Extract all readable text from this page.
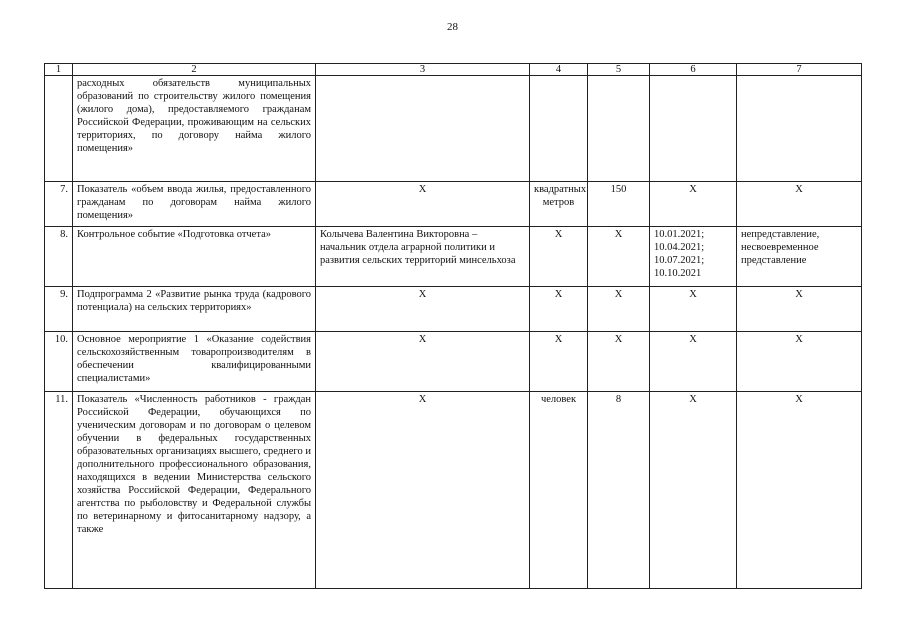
28
1	2	3	4	5	6	7
	расходных обязательств муниципальных образований по строительству жилого помещения (жилого дома), предоставляемого гражданам Российской Федерации, проживающим на сельских территориях, по договору найма жилого помещения»					
7.	Показатель «объем ввода жилья, предоставленного гражданам по договорам найма жилого помещения»	X	квадратных метров	150	X	X
8.	Контрольное событие «Подготовка отчета»	Колычева Валентина Викторовна – начальник отдела аграрной политики и развития сельских территорий минсельхоза	X	X	10.01.2021; 10.04.2021; 10.07.2021; 10.10.2021	непредставление, несвоевременное представление
9.	Подпрограмма 2 «Развитие рынка труда (кадрового потенциала) на сельских территориях»	X	X	X	X	X
10.	Основное мероприятие 1 «Оказание содействия сельскохозяйственным товаропроизводителям в обеспечении квалифицированными специалистами»	X	X	X	X	X
11.	Показатель «Численность работников - граждан Российской Федерации, обучающихся по ученическим договорам и по договорам о целевом обучении в федеральных государственных образовательных организациях высшего, среднего и дополнительного профессионального образования, находящихся в ведении Министерства сельского хозяйства Российской Федерации, Федерального агентства по рыболовству и Федеральной службы по ветеринарному и фитосанитарному надзору, а также	X	человек	8	X	X
